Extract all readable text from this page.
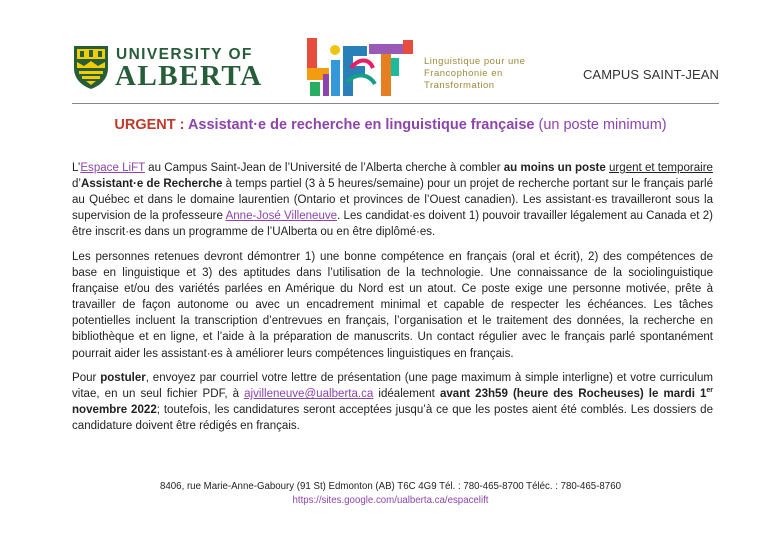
UNIVERSITY OF
ALBERTA	Linguistique pour une
Francophonie en
Transformation
CAMPUS SAINT-JEAN
URGENT : Assistant·e de recherche en linguistique française (un poste minimum)

L’Espace LiFT au Campus Saint-Jean de l’Université de l’Alberta cherche à combler au moins un poste urgent et temporaire d’Assistant·e de Recherche à temps partiel (3 à 5 heures/semaine) pour un projet de recherche portant sur le français parlé au Québec et dans le domaine laurentien (Ontario et provinces de l’Ouest canadien). Les assistant·es travailleront sous la supervision de la professeure Anne-José Villeneuve. Les candidat·es doivent 1) pouvoir travailler légalement au Canada et 2) être inscrit·es dans un programme de l’UAlberta ou en être diplômé·es.

Les personnes retenues devront démontrer 1) une bonne compétence en français (oral et écrit), 2) des compétences de base en linguistique et 3) des aptitudes dans l’utilisation de la technologie. Une connaissance de la sociolinguistique française et/ou des variétés parlées en Amérique du Nord est un atout. Ce poste exige une personne motivée, prête à travailler de façon autonome ou avec un encadrement minimal et capable de respecter les échéances. Les tâches potentielles incluent la transcription d’entrevues en français, l’organisation et le traitement des données, la recherche en bibliothèque et en ligne, et l’aide à la préparation de manuscrits. Un contact régulier avec le français parlé spontanément pourrait aider les assistant·es à améliorer leurs compétences linguistiques en français.

Pour postuler, envoyez par courriel votre lettre de présentation (une page maximum à simple interligne) et votre curriculum vitae, en un seul fichier PDF, à ajvilleneuve@ualberta.ca idéalement avant 23h59 (heure des Rocheuses) le mardi 1er novembre 2022; toutefois, les candidatures seront acceptées jusqu’à ce que les postes aient été comblés. Les dossiers de candidature doivent être rédigés en français.

8406, rue Marie-Anne-Gaboury (91 St) Edmonton (AB) T6C 4G9 Tél. : 780-465-8700 Téléc. : 780-465-8760
https://sites.google.com/ualberta.ca/espacelift
